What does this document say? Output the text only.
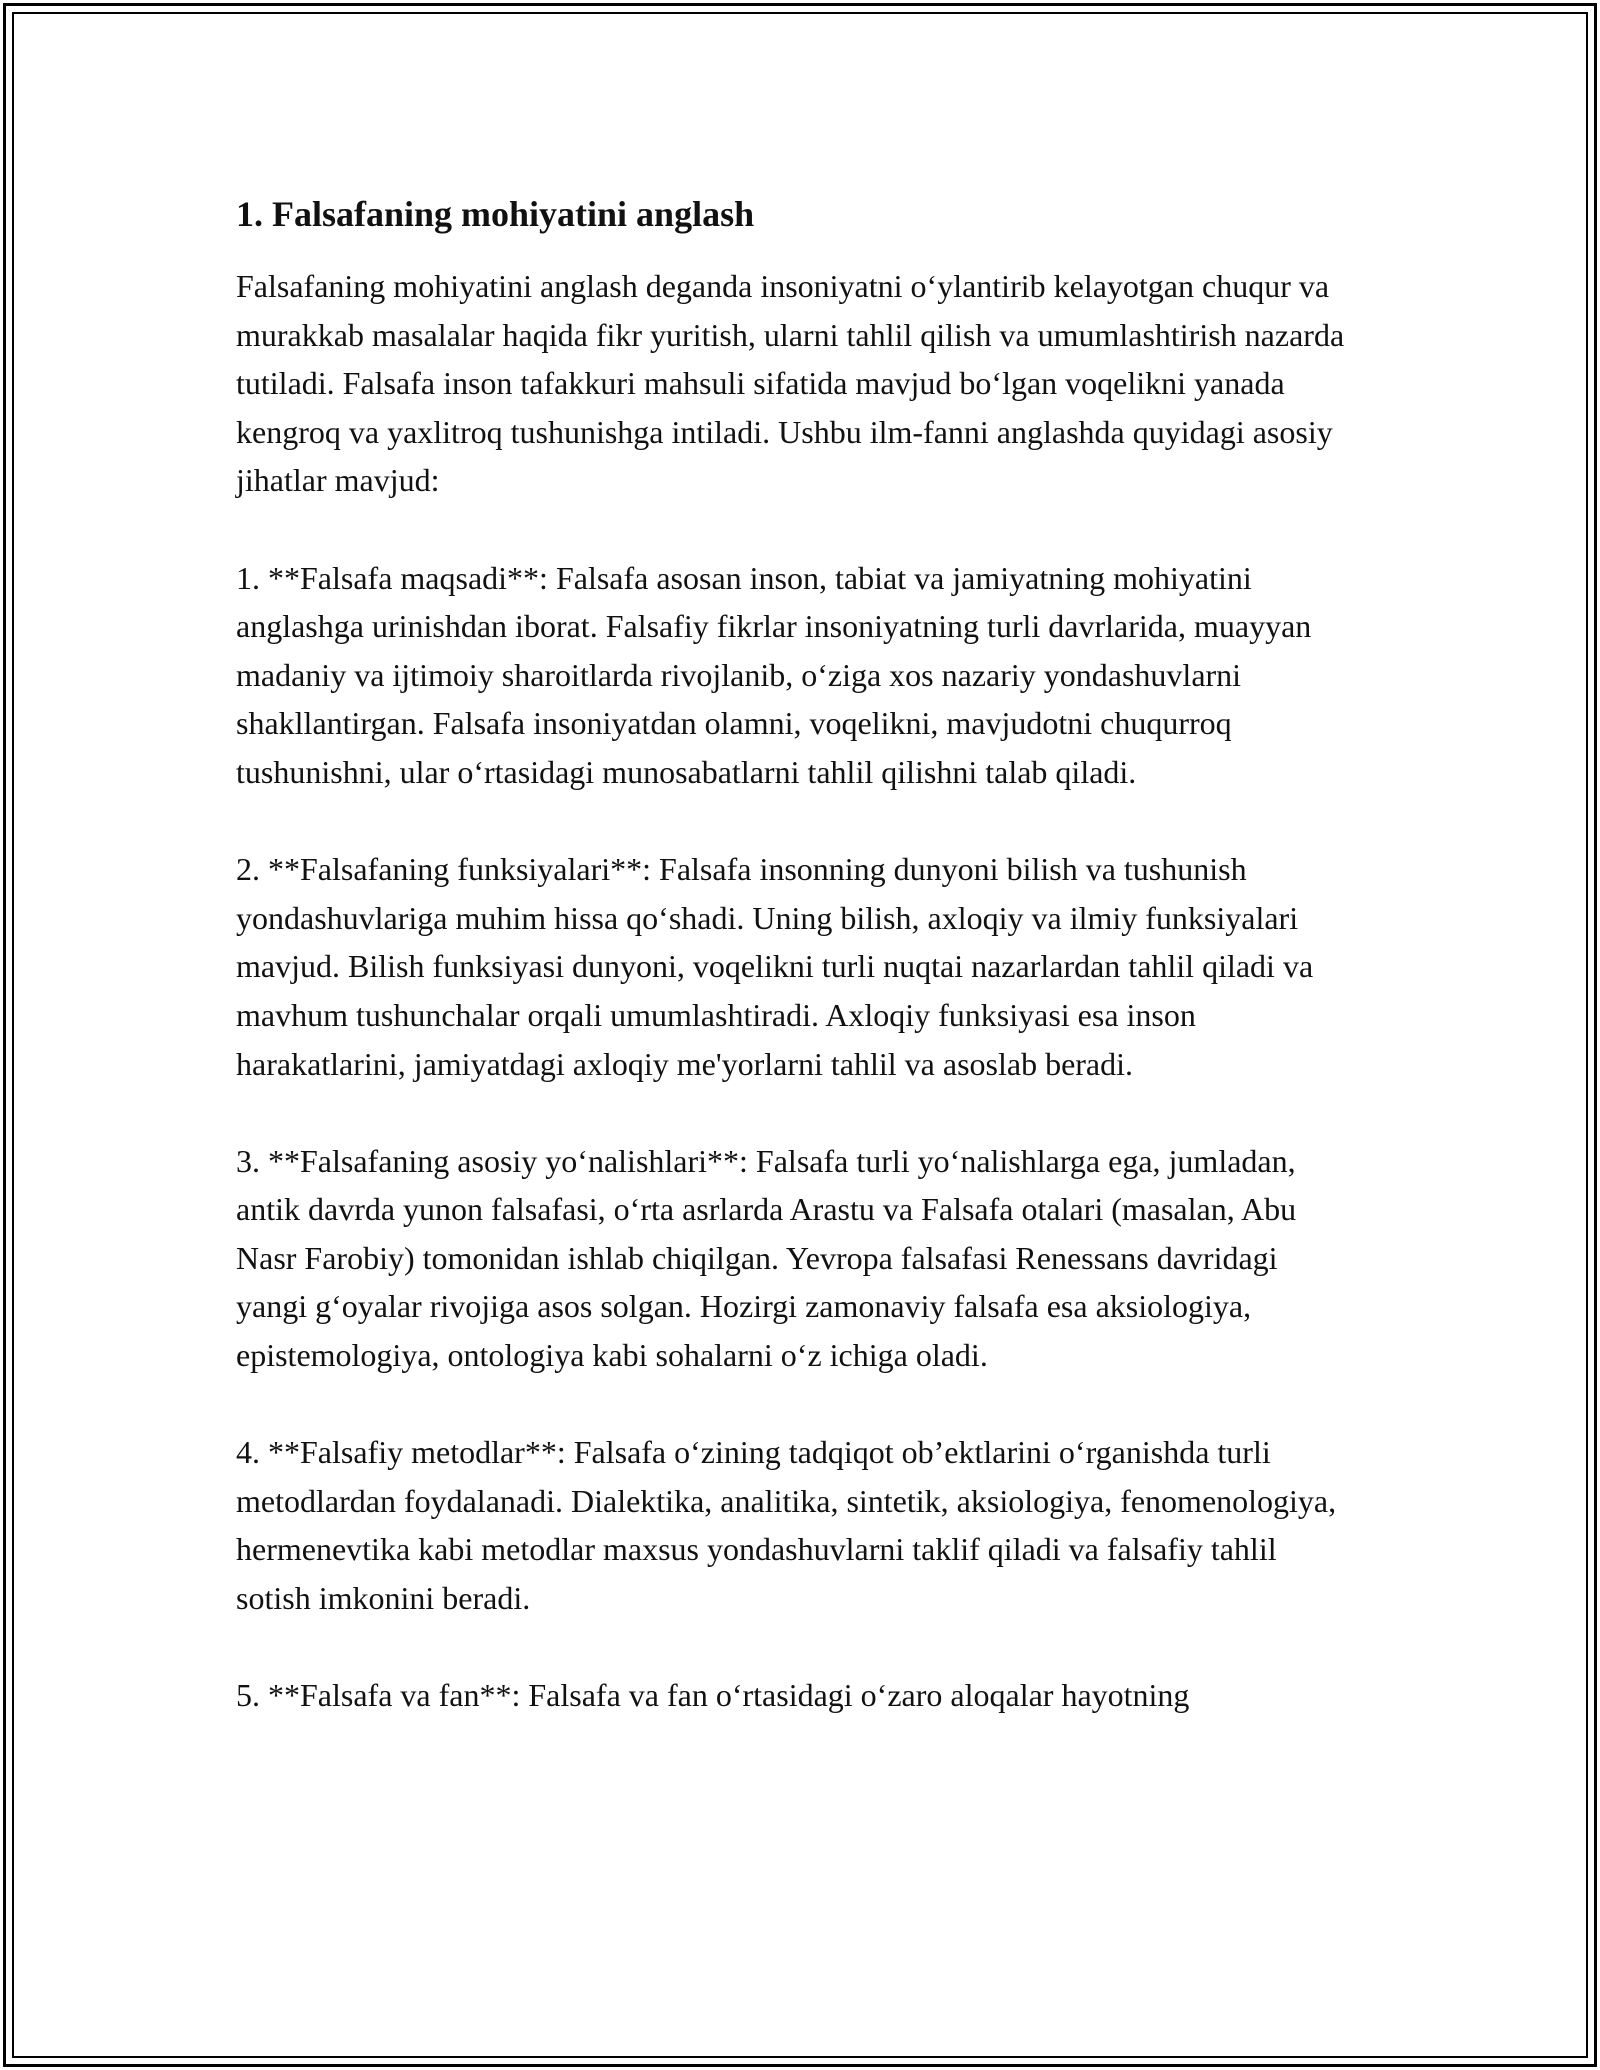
1. Falsafaning mohiyatini anglash

Falsafaning mohiyatini anglash deganda insoniyatni o‘ylantirib kelayotgan chuqur va murakkab masalalar haqida fikr yuritish, ularni tahlil qilish va umumlashtirish nazarda tutiladi. Falsafa inson tafakkuri mahsuli sifatida mavjud bo‘lgan voqelikni yanada kengroq va yaxlitroq tushunishga intiladi. Ushbu ilm-fanni anglashda quyidagi asosiy jihatlar mavjud:

1. **Falsafa maqsadi**: Falsafa asosan inson, tabiat va jamiyatning mohiyatini anglashga urinishdan iborat. Falsafiy fikrlar insoniyatning turli davrlarida, muayyan madaniy va ijtimoiy sharoitlarda rivojlanib, o‘ziga xos nazariy yondashuvlarni shakllantirgan. Falsafa insoniyatdan olamni, voqelikni, mavjudotni chuqurroq tushunishni, ular o‘rtasidagi munosabatlarni tahlil qilishni talab qiladi.

2. **Falsafaning funksiyalari**: Falsafa insonning dunyoni bilish va tushunish yondashuvlariga muhim hissa qo‘shadi. Uning bilish, axloqiy va ilmiy funksiyalari mavjud. Bilish funksiyasi dunyoni, voqelikni turli nuqtai nazarlardan tahlil qiladi va mavhum tushunchalar orqali umumlashtiradi. Axloqiy funksiyasi esa inson harakatlarini, jamiyatdagi axloqiy me'yorlarni tahlil va asoslab beradi.

3. **Falsafaning asosiy yo‘nalishlari**: Falsafa turli yo‘nalishlarga ega, jumladan, antik davrda yunon falsafasi, o‘rta asrlarda Arastu va Falsafa otalari (masalan, Abu Nasr Farobiy) tomonidan ishlab chiqilgan. Yevropa falsafasi Renessans davridagi yangi g‘oyalar rivojiga asos solgan. Hozirgi zamonaviy falsafa esa aksiologiya, epistemologiya, ontologiya kabi sohalarni o‘z ichiga oladi.

4. **Falsafiy metodlar**: Falsafa o‘zining tadqiqot ob’ektlarini o‘rganishda turli metodlardan foydalanadi. Dialektika, analitika, sintetik, aksiologiya, fenomenologiya, hermenevtika kabi metodlar maxsus yondashuvlarni taklif qiladi va falsafiy tahlil sotish imkonini beradi.

5. **Falsafa va fan**: Falsafa va fan o‘rtasidagi o‘zaro aloqalar hayotning
